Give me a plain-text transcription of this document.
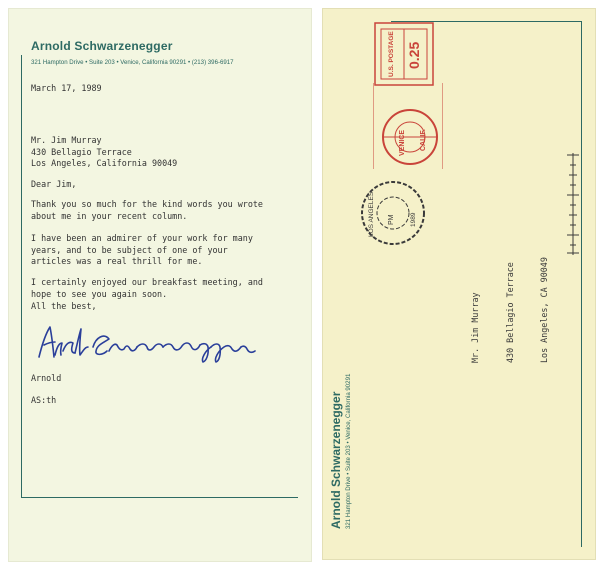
Arnold Schwarzenegger
321 Hampton Drive • Suite 203 • Venice, California 90291 • (213) 396-6917
March 17, 1989
Mr. Jim Murray
430 Bellagio Terrace
Los Angeles, California 90049
Dear Jim,
Thank you so much for the kind words you wrote
about me in your recent column.
I have been an admirer of your work for many
years, and to be subject of one of your
articles was a real thrill for me.
I certainly enjoyed our breakfast meeting, and
hope to see you again soon.
All the best,
Arnold
AS:th
U.S. POSTAGE 0.25
VENICE CALIF.
LOS ANGELES PM 1989

Mr. Jim Murray

	430 Bellagio Terrace

	Los Angeles, CA 90049

Arnold Schwarzenegger 321 Hampton Drive • Suite 203 • Venice, California 90291
